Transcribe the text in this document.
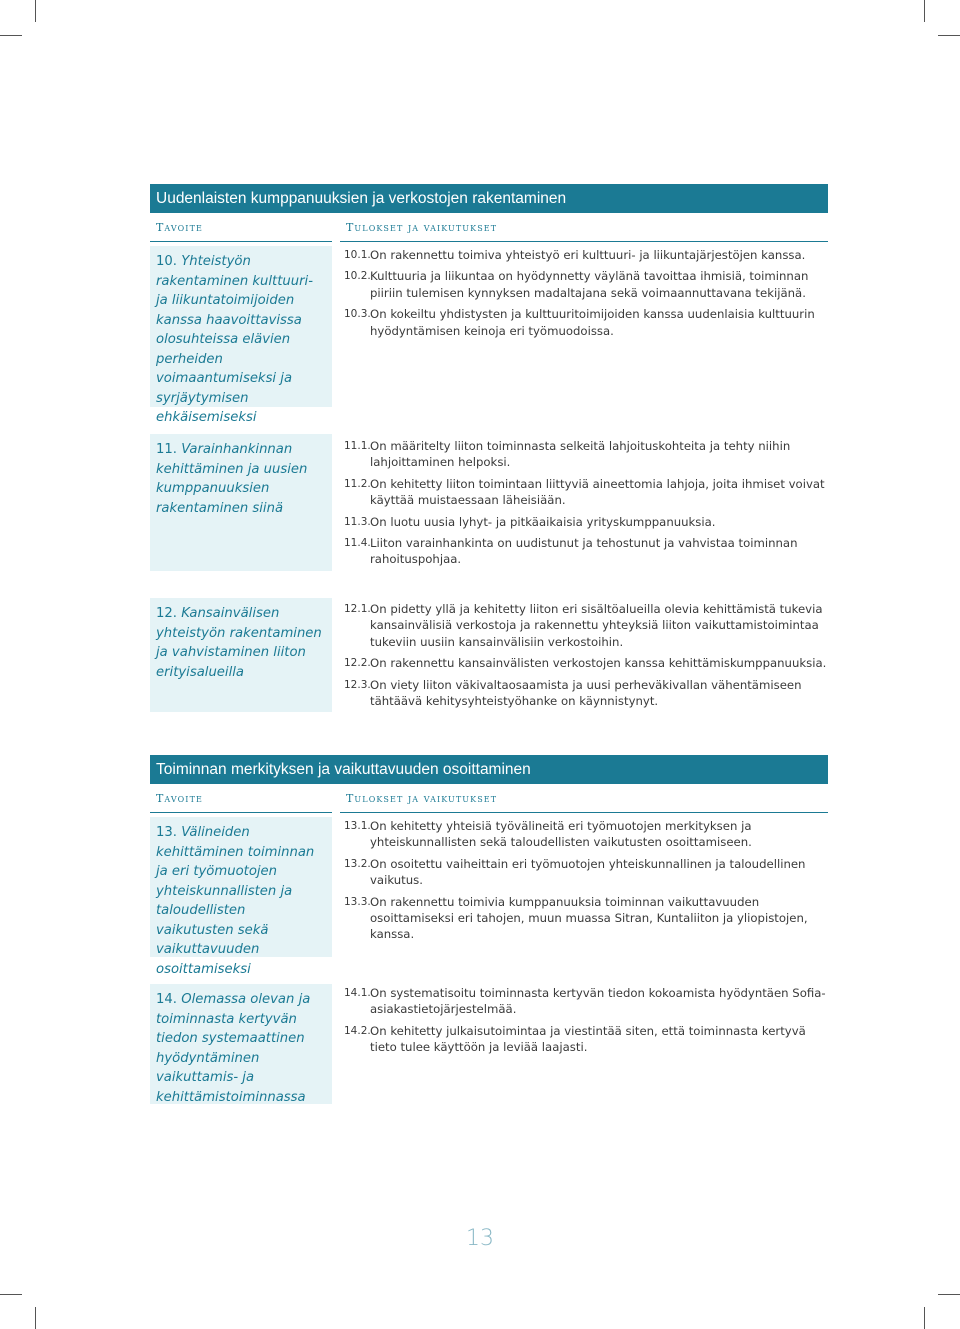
Uudenlaisten kumppanuuksien ja verkostojen rakentaminen
Tavoite	Tulokset ja vaikutukset
10. Yhteistyön rakentaminen kulttuuri- ja liikuntatoimijoiden kanssa haavoittavissa olosuhteissa elävien perheiden voimaantumiseksi ja syrjäytymisen ehkäisemiseksi
10.1. On rakennettu toimiva yhteistyö eri kulttuuri- ja liikuntajärjestöjen kanssa.
10.2. Kulttuuria ja liikuntaa on hyödynnetty väylänä tavoittaa ihmisiä, toiminnan piiriin tulemisen kynnyksen madaltajana sekä voimaannuttavana tekijänä.
10.3. On kokeiltu yhdistysten ja kulttuuritoimijoiden kanssa uudenlaisia kulttuurin hyödyntämisen keinoja eri työmuodoissa.
11. Varainhankinnan kehittäminen ja uusien kumppanuuksien rakentaminen siinä
11.1. On määritelty liiton toiminnasta selkeitä lahjoituskohteita ja tehty niihin lahjoittaminen helpoksi.
11.2. On kehitetty liiton toimintaan liittyviä aineettomia lahjoja, joita ihmiset voivat käyttää muistaessaan läheisiään.
11.3. On luotu uusia lyhyt- ja pitkäaikaisia yrityskumppanuuksia.
11.4. Liiton varainhankinta on uudistunut ja tehostunut ja vahvistaa toiminnan rahoituspohjaa.
12. Kansainvälisen yhteistyön rakentaminen ja vahvistaminen liiton erityisalueilla
12.1. On pidetty yllä ja kehitetty liiton eri sisältöalueilla olevia kehittämistä tukevia kansainvälisiä verkostoja ja rakennettu yhteyksiä liiton vaikuttamistoimintaa tukeviin uusiin kansainvälisiin verkostoihin.
12.2. On rakennettu kansainvälisten verkostojen kanssa kehittämiskumppanuuksia.
12.3. On viety liiton väkivaltaosaamista ja uusi perheväkivallan vähentämiseen tähtäävä kehitysyhteistyöhanke on käynnistynyt.
Toiminnan merkityksen ja vaikuttavuuden osoittaminen
Tavoite	Tulokset ja vaikutukset
13. Välineiden kehittäminen toiminnan ja eri työmuotojen yhteiskunnallisten ja taloudellisten vaikutusten sekä vaikuttavuuden osoittamiseksi
13.1. On kehitetty yhteisiä työvälineitä eri työmuotojen merkityksen ja yhteiskunnallisten sekä taloudellisten vaikutusten osoittamiseen.
13.2. On osoitettu vaiheittain eri työmuotojen yhteiskunnallinen ja taloudellinen vaikutus.
13.3. On rakennettu toimivia kumppanuuksia toiminnan vaikuttavuuden osoittamiseksi eri tahojen, muun muassa Sitran, Kuntaliiton ja yliopistojen, kanssa.
14. Olemassa olevan ja toiminnasta kertyvän tiedon systemaattinen hyödyntäminen vaikuttamis- ja kehittämistoiminnassa
14.1. On systematisoitu toiminnasta kertyvän tiedon kokoamista hyödyntäen Sofia-asiakastietojärjestelmää.
14.2. On kehitetty julkaisutoimintaa ja viestintää siten, että toiminnasta kertyvä tieto tulee käyttöön ja leviää laajasti.
13
